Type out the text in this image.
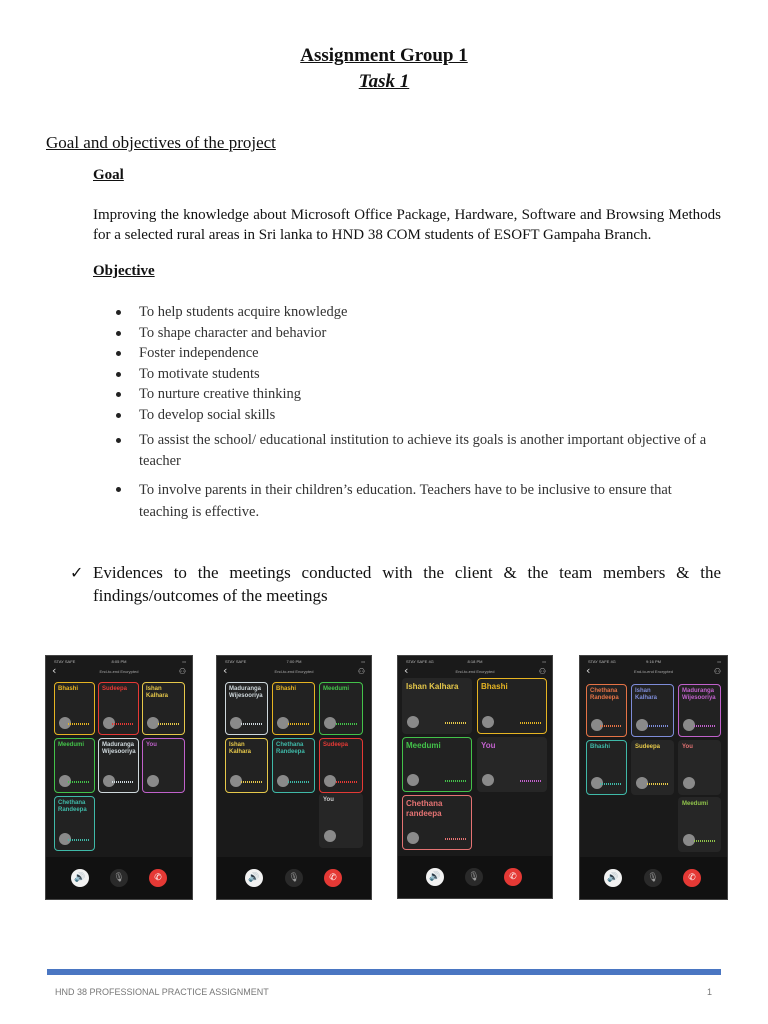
Assignment Group 1
Task 1
Goal and objectives of the project
Goal
Improving the knowledge about Microsoft Office Package, Hardware, Software and Browsing Methods for a selected rural areas in Sri lanka to HND 38 COM students of ESOFT Gampaha Branch.
Objective
To help students acquire knowledge
To shape character and behavior
Foster independence
To motivate students
To nurture creative thinking
To develop social skills
To assist the school/ educational institution to achieve its goals is another important objective of a teacher
To involve parents in their children’s education. Teachers have to be inclusive to ensure that teaching is effective.
✓ Evidences to the meetings conducted with the client & the team members & the findings/outcomes of the meetings
STAY SAFE	8:05 PM	▭
‹	End-to-end Encrypted	⚇
Bhashi	Sudeepa	Ishan Kalhara
Meedumi	Maduranga Wijesooriya
You
Chethana Randeepa
🔊	🎙	✆
STAY SAFE	7:00 PM	▭
‹	End-to-end Encrypted	⚇
Maduranga Wijesooriya
Bhashi	Meedumi
Ishan Kalhara
Chethana Randeepa
Sudeepa
You
🔊	🎙	✆
STAY SAFE 4G	8:18 PM	▭
‹	End-to-end Encrypted	⚇
Ishan Kalhara	Bhashi
Meedumi	You
Chethana randeepa
🔊	🎙	✆
STAY SAFE 4G	9:16 PM	▭
‹	End-to-end Encrypted	⚇
Chethana Randeepa
Ishan Kalhara
Maduranga Wijesooriya
Bhashi	Sudeepa	You
Meedumi
🔊	🎙	✆
HND 38 PROFESSIONAL PRACTICE ASSIGNMENT	1
